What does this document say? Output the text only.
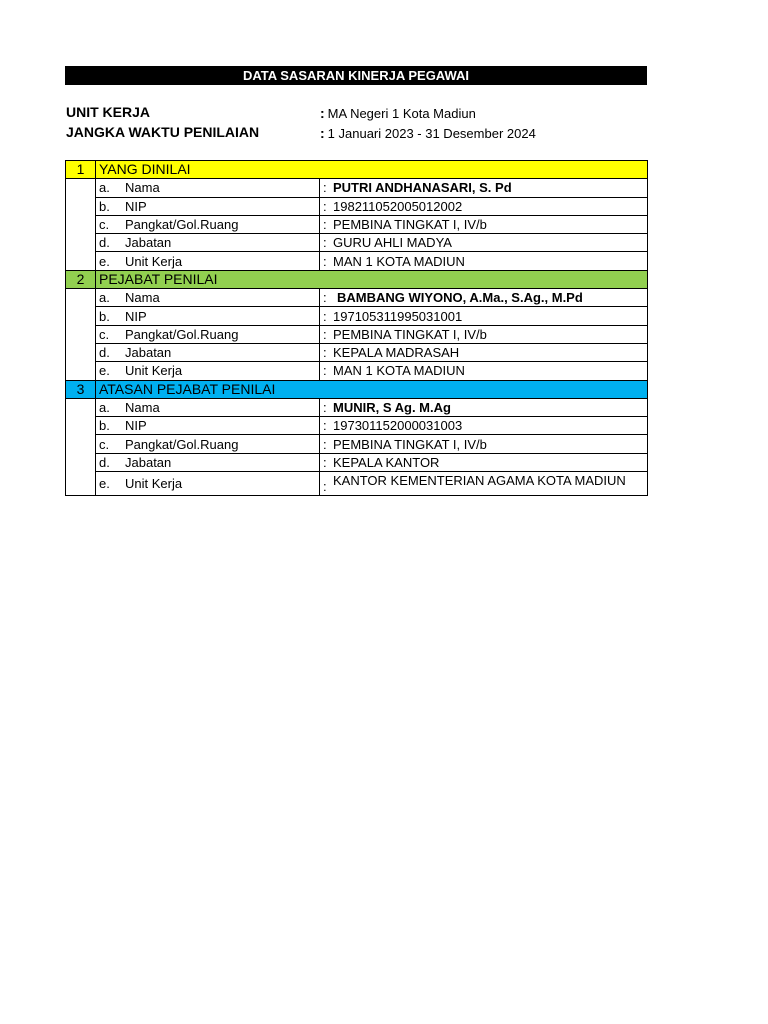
DATA SASARAN KINERJA PEGAWAI
UNIT KERJA	: MA Negeri 1 Kota Madiun
JANGKA WAKTU PENILAIAN	: 1 Januari 2023 - 31 Desember 2024
1	YANG DINILAI	
	a. Nama	: PUTRI ANDHANASARI, S. Pd
	b. NIP	: 198211052005012002
	c. Pangkat/Gol.Ruang	: PEMBINA TINGKAT I, IV/b
	d. Jabatan	: GURU AHLI MADYA
	e. Unit Kerja	: MAN 1 KOTA MADIUN
2	PEJABAT PENILAI	
	a. Nama	: BAMBANG WIYONO, A.Ma., S.Ag., M.Pd
	b. NIP	: 197105311995031001
	c. Pangkat/Gol.Ruang	: PEMBINA TINGKAT I, IV/b
	d. Jabatan	: KEPALA MADRASAH
	e. Unit Kerja	: MAN 1 KOTA MADIUN
3	ATASAN PEJABAT PENILAI	
	a. Nama	: MUNIR, S Ag. M.Ag
	b. NIP	: 197301152000031003
	c. Pangkat/Gol.Ruang	: PEMBINA TINGKAT I, IV/b
	d. Jabatan	: KEPALA KANTOR
	e. Unit Kerja	: KANTOR KEMENTERIAN AGAMA KOTA MADIUN
